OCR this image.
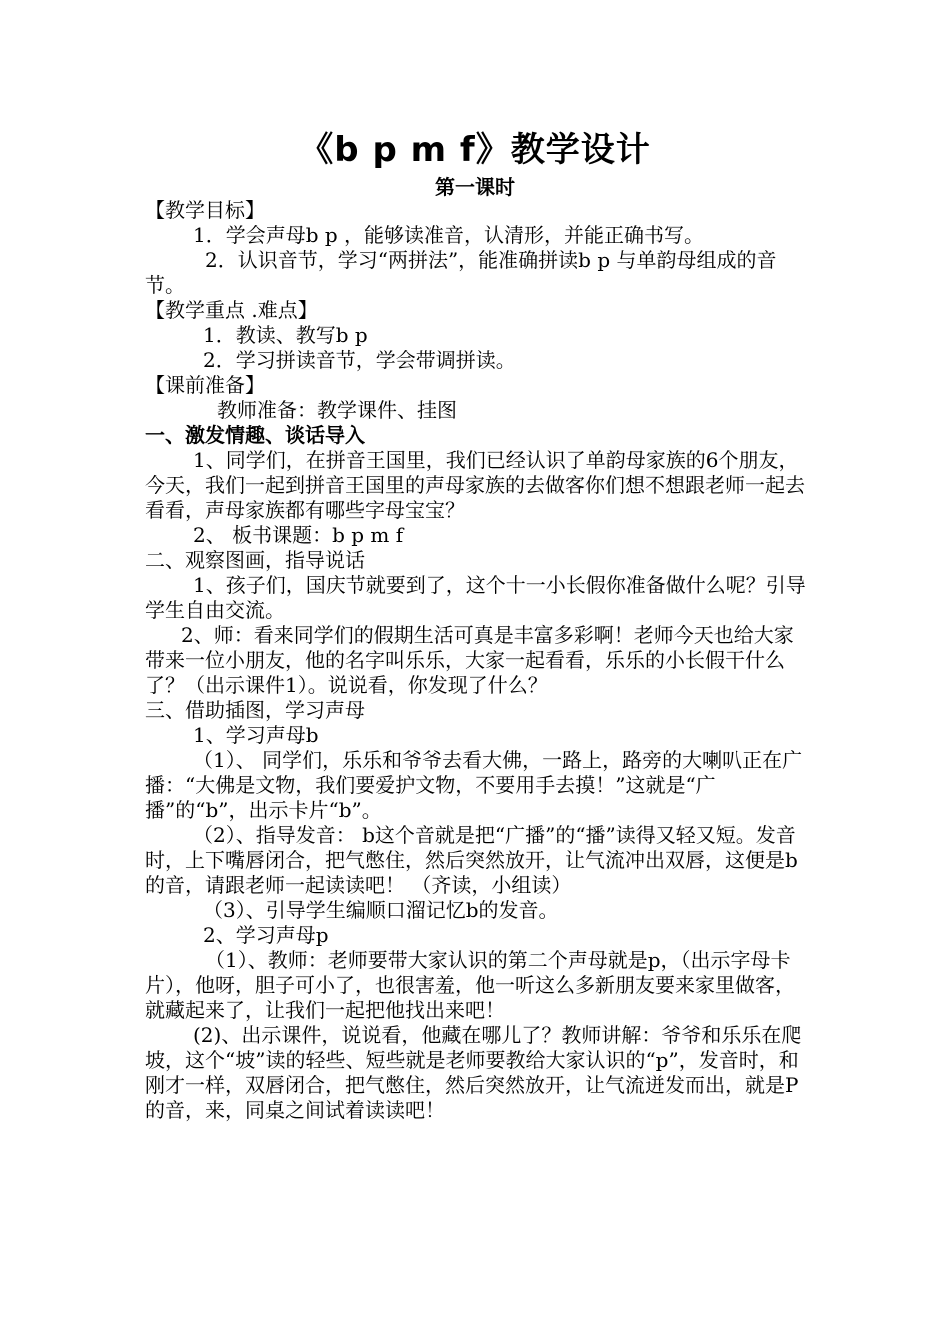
《b p m f》教学设计
第一课时

【教学目标】

1．学会声母b p ，能够读准音，认清形，并能正确书写。

2．认识音节，学习“两拼法”，能准确拼读b p 与单韵母组成的音节。

【教学重点 .难点】

1．教读、教写b p

2．学习拼读音节，学会带调拼读。

【课前准备】

教师准备：教学课件、挂图

一、激发情趣、谈话导入

1、同学们，在拼音王国里，我们已经认识了单韵母家族的6个朋友，今天，我们一起到拼音王国里的声母家族的去做客你们想不想跟老师一起去看看，声母家族都有哪些字母宝宝？

2、 板书课题：b p m f

二、观察图画，指导说话

1、孩子们，国庆节就要到了，这个十一小长假你准备做什么呢？引导学生自由交流。

2、师：看来同学们的假期生活可真是丰富多彩啊！老师今天也给大家带来一位小朋友，他的名字叫乐乐，大家一起看看，乐乐的小长假干什么了？（出示课件1）。说说看，你发现了什么？

三、借助插图，学习声母

1、学习声母b

（1）、 同学们，乐乐和爷爷去看大佛，一路上，路旁的大喇叭正在广播：“大佛是文物，我们要爱护文物，不要用手去摸！”这就是“广播”的“b”，出示卡片“b”。

（2）、指导发音： b这个音就是把“广播”的“播”读得又轻又短。发音时，上下嘴唇闭合，把气憋住，然后突然放开，让气流冲出双唇，这便是b的音，请跟老师一起读读吧！ （齐读，小组读）

（3）、引导学生编顺口溜记忆b的发音。

2、学习声母p

（1）、教师：老师要带大家认识的第二个声母就是p，（出示字母卡片），他呀，胆子可小了，也很害羞，他一听这么多新朋友要来家里做客，就藏起来了，让我们一起把他找出来吧！

(2)、出示课件，说说看，他藏在哪儿了？教师讲解：爷爷和乐乐在爬坡，这个“坡”读的轻些、短些就是老师要教给大家认识的“p”，发音时，和刚才一样，双唇闭合，把气憋住，然后突然放开，让气流迸发而出，就是P的音，来，同桌之间试着读读吧！
